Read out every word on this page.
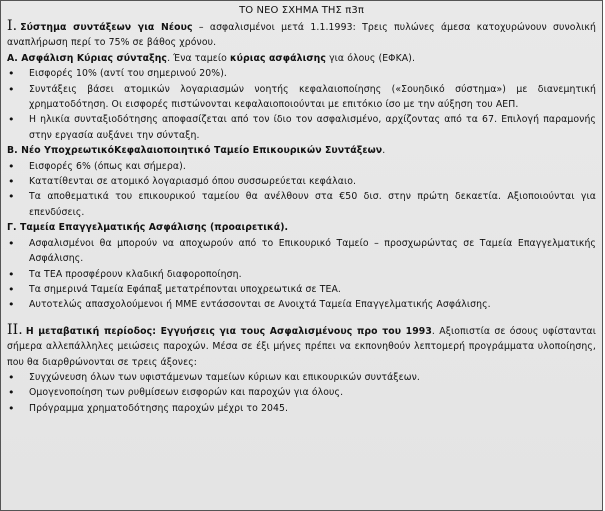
ΤΟ ΝΕΟ ΣΧΗΜΑ ΤΗΣ π3π

I. Σύστημα συντάξεων για Νέους – ασφαλισμένοι μετά 1.1.1993: Τρεις πυλώνες άμεσα κατοχυρώνουν συνολική αναπλήρωση περί το 75% σε βάθος χρόνου.

Α. Ασφάλιση Κύριας σύνταξης. Ένα ταμείο κύριας ασφάλισης για όλους (ΕΦΚΑ).

• Εισφορές 10% (αντί του σημερινού 20%).
• Συντάξεις βάσει ατομικών λογαριασμών νοητής κεφαλαιοποίησης («Σουηδικό σύστημα») με διανεμητική χρηματοδότηση. Οι εισφορές πιστώνονται κεφαλαιοποιούνται με επιτόκιο ίσο με την αύξηση του ΑΕΠ.
• Η ηλικία συνταξιοδότησης αποφασίζεται από τον ίδιο τον ασφαλισμένο, αρχίζοντας από τα 67. Επιλογή παραμονής στην εργασία αυξάνει την σύνταξη.

Β. Νέο ΥποχρεωτικόΚεφαλαιοποιητικό Ταμείο Επικουρικών Συντάξεων.

• Εισφορές 6% (όπως και σήμερα).
• Κατατίθενται σε ατομικό λογαριασμό όπου συσσωρεύεται κεφάλαιο.
• Τα αποθεματικά του επικουρικού ταμείου θα ανέλθουν στα €50 δισ. στην πρώτη δεκαετία. Αξιοποιούνται για επενδύσεις.

Γ. Ταμεία Επαγγελματικής Ασφάλισης (προαιρετικά).

• Ασφαλισμένοι θα μπορούν να αποχωρούν από το Επικουρικό Ταμείο – προσχωρώντας σε Ταμεία Επαγγελματικής Ασφάλισης.
• Τα ΤΕΑ προσφέρουν κλαδική διαφοροποίηση.
• Τα σημερινά Ταμεία Εφάπαξ μετατρέπονται υποχρεωτικά σε ΤΕΑ.
• Αυτοτελώς απασχολούμενοι ή ΜΜΕ εντάσσονται σε Ανοιχτά Ταμεία Επαγγελματικής Ασφάλισης.

II. Η μεταβατική περίοδος: Εγγυήσεις για τους Ασφαλισμένους προ του 1993. Αξιοπιστία σε όσους υφίστανται σήμερα αλλεπάλληλες μειώσεις παροχών. Μέσα σε έξι μήνες πρέπει να εκπονηθούν λεπτομερή προγράμματα υλοποίησης, που θα διαρθρώνονται σε τρεις άξονες:

• Συγχώνευση όλων των υφιστάμενων ταμείων κύριων και επικουρικών συντάξεων.
• Ομογενοποίηση των ρυθμίσεων εισφορών και παροχών για όλους.
• Πρόγραμμα χρηματοδότησης παροχών μέχρι το 2045.
